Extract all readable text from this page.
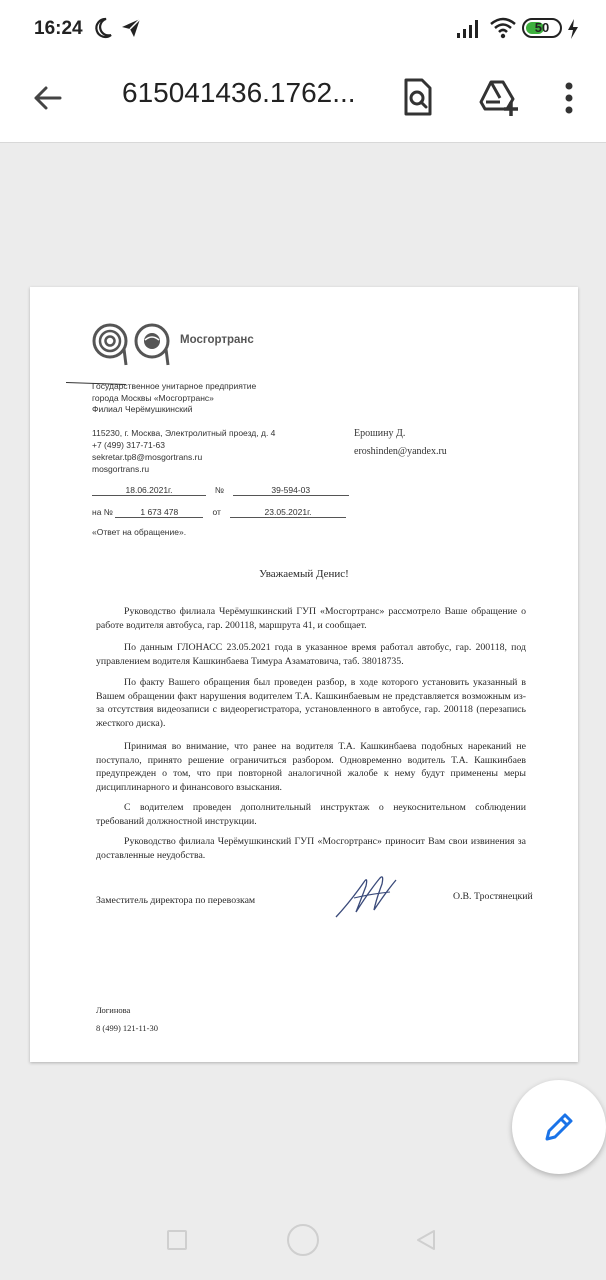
16:24	50
615041436.1762...
Мосгортранс
Государственное унитарное предприятие
города Москвы «Мосгортранс»
Филиал Черёмушкинский
115230, г. Москва, Электролитный проезд, д. 4
+7 (499) 317-71-63
sekretar.tp8@mosgortrans.ru
mosgortrans.ru
Ерошину Д.
eroshinden@yandex.ru
18.06.2021г.	№	39-594-03
на №	1 673 478	от	23.05.2021г.
«Ответ на обращение».
Уважаемый Денис!

Руководство филиала Черёмушкинский ГУП «Мосгортранс» рассмотрело Ваше обращение о работе водителя автобуса, гар. 200118, маршрута 41, и сообщает.

По данным ГЛОНАСС 23.05.2021 года в указанное время работал автобус, гар. 200118, под управлением водителя Кашкинбаева Тимура Азаматовича, таб. 38018735.

По факту Вашего обращения был проведен разбор, в ходе которого установить указанный в Вашем обращении факт нарушения водителем Т.А. Кашкинбаевым не представляется возможным из-за отсутствия видеозаписи с видеорегистратора, установленного в автобусе, гар. 200118 (перезапись жесткого диска).

Принимая во внимание, что ранее на водителя Т.А. Кашкинбаева подобных нареканий не поступало, принято решение ограничиться разбором. Одновременно водитель Т.А. Кашкинбаев предупрежден о том, что при повторной аналогичной жалобе к нему будут применены меры дисциплинарного и финансового взыскания.

С водителем проведен дополнительный инструктаж о неукоснительном соблюдении требований должностной инструкции.

Руководство филиала Черёмушкинский ГУП «Мосгортранс» приносит Вам свои извинения за доставленные неудобства.

Заместитель директора по перевозкам	О.В. Тростянецкий
Логинова
8 (499) 121-11-30
